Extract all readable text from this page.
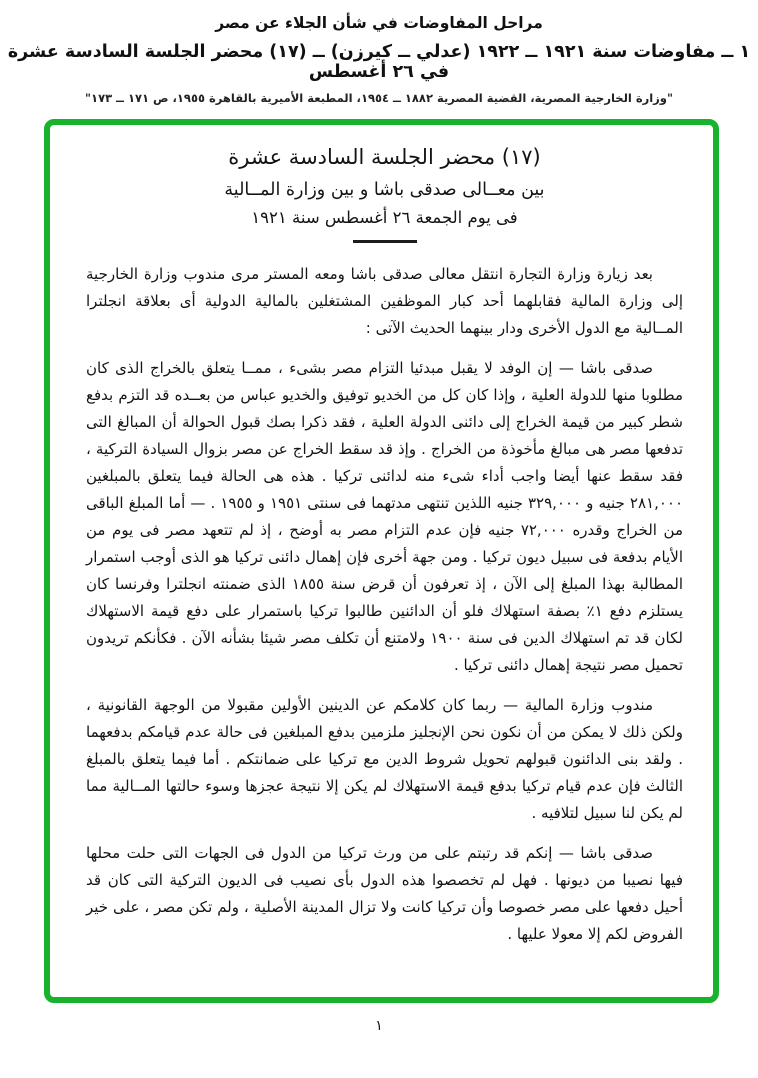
مراحل المفاوضات في شأن الجلاء عن مصر
١ ــ مفاوضات سنة ١٩٢١ ــ ١٩٢٢ (عدلي ــ كيرزن) ــ (١٧) محضر الجلسة السادسة عشرة في ٢٦ أغسطس
"وزارة الخارجية المصرية، القضية المصرية ١٨٨٢ ــ ١٩٥٤، المطبعة الأميرية بالقاهرة ١٩٥٥، ص ١٧١ ــ ١٧٣"
(١٧) محضر الجلسة السادسة عشرة
بين معــالى صدقى باشا و بين وزارة المــالية
فى يوم الجمعة ٢٦ أغسطس سنة ١٩٢١

بعد زيارة وزارة التجارة انتقل معالى صدقى باشا ومعه المستر مرى مندوب وزارة الخارجية إلى وزارة المالية فقابلهما أحد كبار الموظفين المشتغلين بالمالية الدولية أى بعلاقة انجلترا المــالية مع الدول الأخرى ودار بينهما الحديث الآتى :

صدقى باشا — إن الوفد لا يقبل مبدئيا التزام مصر بشىء ، ممــا يتعلق بالخراج الذى كان مطلوبا منها للدولة العلية ، وإذا كان كل من الخديو توفيق والخديو عباس من بعــده قد التزم بدفع شطر كبير من قيمة الخراج إلى دائنى الدولة العلية ، فقد ذكرا بصك قبول الحوالة أن المبالغ التى تدفعها مصر هى مبالغ مأخوذة من الخراج . وإذ قد سقط الخراج عن مصر بزوال السيادة التركية ، فقد سقط عنها أيضا واجب أداء شىء منه لدائنى تركيا . هذه هى الحالة فيما يتعلق بالمبلغين ٢٨١,٠٠٠ جنيه و ٣٢٩,٠٠٠ جنيه اللذين تنتهى مدتهما فى سنتى ١٩٥١ و ١٩٥٥ . — أما المبلغ الباقى من الخراج وقدره ٧٢,٠٠٠ جنيه فإن عدم التزام مصر به أوضح ، إذ لم تتعهد مصر فى يوم من الأيام بدفعة فى سبيل ديون تركيا . ومن جهة أخرى فإن إهمال دائنى تركيا هو الذى أوجب استمرار المطالبة بهذا المبلغ إلى الآن ، إذ تعرفون أن قرض سنة ١٨٥٥ الذى ضمنته انجلترا وفرنسا كان يستلزم دفع ١٪ بصفة استهلاك فلو أن الدائنين طالبوا تركيا باستمرار على دفع قيمة الاستهلاك لكان قد تم استهلاك الدين فى سنة ١٩٠٠ ولامتنع أن تكلف مصر شيئا بشأنه الآن . فكأنكم تريدون تحميل مصر نتيجة إهمال دائنى تركيا .

مندوب وزارة المالية — ربما كان كلامكم عن الدينين الأولين مقبولا من الوجهة القانونية ، ولكن ذلك لا يمكن من أن نكون نحن الإنجليز ملزمين بدفع المبلغين فى حالة عدم قيامكم بدفعهما . ولقد بنى الدائنون قبولهم تحويل شروط الدين مع تركيا على ضمانتكم . أما فيما يتعلق بالمبلغ الثالث فإن عدم قيام تركيا بدفع قيمة الاستهلاك لم يكن إلا نتيجة عجزها وسوء حالتها المــالية مما لم يكن لنا سبيل لتلافيه .

صدقى باشا — إنكم قد رتبتم على من ورث تركيا من الدول فى الجهات التى حلت محلها فيها نصيبا من ديونها . فهل لم تخصصوا هذه الدول بأى نصيب فى الديون التركية التى كان قد أحيل دفعها على مصر خصوصا وأن تركيا كانت ولا تزال المدينة الأصلية ، ولم تكن مصر ، على خير الفروض لكم إلا معولا عليها .

١
